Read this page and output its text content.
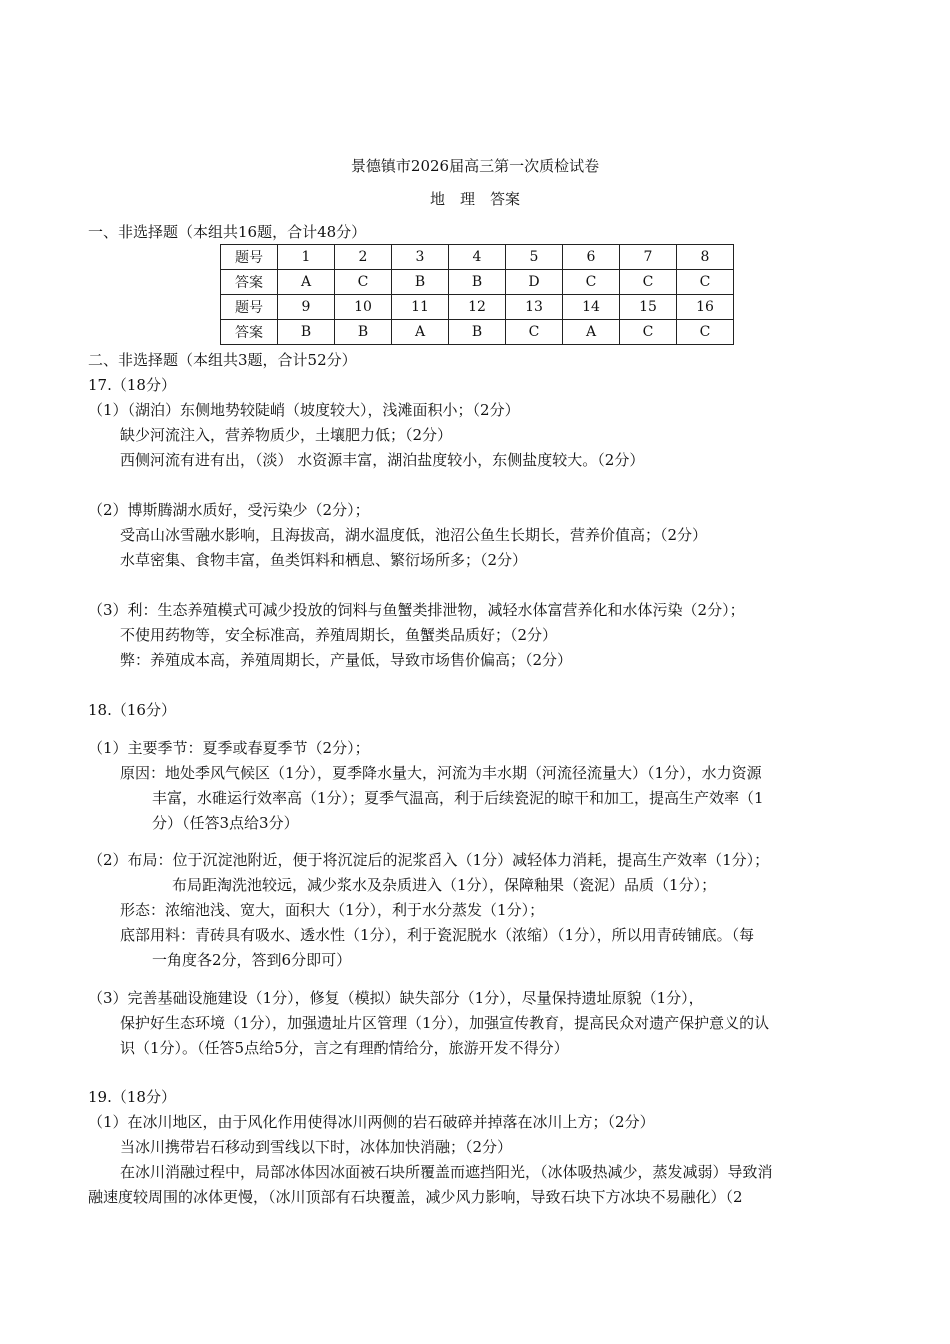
景德镇市2026届高三第一次质检试卷
地　理　答案
一、非选择题（本组共16题，合计48分）
题号	1	2	3	4	5	6	7	8
答案	A	C	B	B	D	C	C	C
题号	9	10	11	12	13	14	15	16
答案	B	B	A	B	C	A	C	C
二、非选择题（本组共3题，合计52分）
17.（18分）
（1）（湖泊）东侧地势较陡峭（坡度较大），浅滩面积小；（2分）
缺少河流注入，营养物质少，土壤肥力低；（2分）
西侧河流有进有出，（淡） 水资源丰富，湖泊盐度较小，东侧盐度较大。（2分）
（2）博斯腾湖水质好，受污染少（2分）；
受高山冰雪融水影响，且海拔高，湖水温度低，池沼公鱼生长期长，营养价值高；（2分）
水草密集、食物丰富，鱼类饵料和栖息、繁衍场所多；（2分）
（3）利：生态养殖模式可减少投放的饲料与鱼蟹类排泄物，减轻水体富营养化和水体污染（2分）；
不使用药物等，安全标准高，养殖周期长，鱼蟹类品质好；（2分）
弊：养殖成本高，养殖周期长，产量低，导致市场售价偏高；（2分）
18.（16分）
（1）主要季节：夏季或春夏季节（2分）；
原因：地处季风气候区（1分），夏季降水量大，河流为丰水期（河流径流量大）（1分），水力资源
丰富，水碓运行效率高（1分）；夏季气温高，利于后续瓷泥的晾干和加工，提高生产效率（1
分）（任答3点给3分）
（2）布局：位于沉淀池附近，便于将沉淀后的泥浆舀入（1分）减轻体力消耗，提高生产效率（1分）；
布局距淘洗池较远，减少浆水及杂质进入（1分），保障釉果（瓷泥）品质（1分）；
形态：浓缩池浅、宽大，面积大（1分），利于水分蒸发（1分）；
底部用料：青砖具有吸水、透水性（1分），利于瓷泥脱水（浓缩）（1分），所以用青砖铺底。（每
一角度各2分，答到6分即可）
（3）完善基础设施建设（1分），修复（模拟）缺失部分（1分），尽量保持遗址原貌（1分），
保护好生态环境（1分），加强遗址片区管理（1分），加强宣传教育，提高民众对遗产保护意义的认
识（1分）。（任答5点给5分，言之有理酌情给分，旅游开发不得分）
19.（18分）
（1）在冰川地区，由于风化作用使得冰川两侧的岩石破碎并掉落在冰川上方；（2分）
当冰川携带岩石移动到雪线以下时，冰体加快消融；（2分）
在冰川消融过程中，局部冰体因冰面被石块所覆盖而遮挡阳光，（冰体吸热减少，蒸发减弱）导致消
融速度较周围的冰体更慢，（冰川顶部有石块覆盖，减少风力影响，导致石块下方冰块不易融化）（2
